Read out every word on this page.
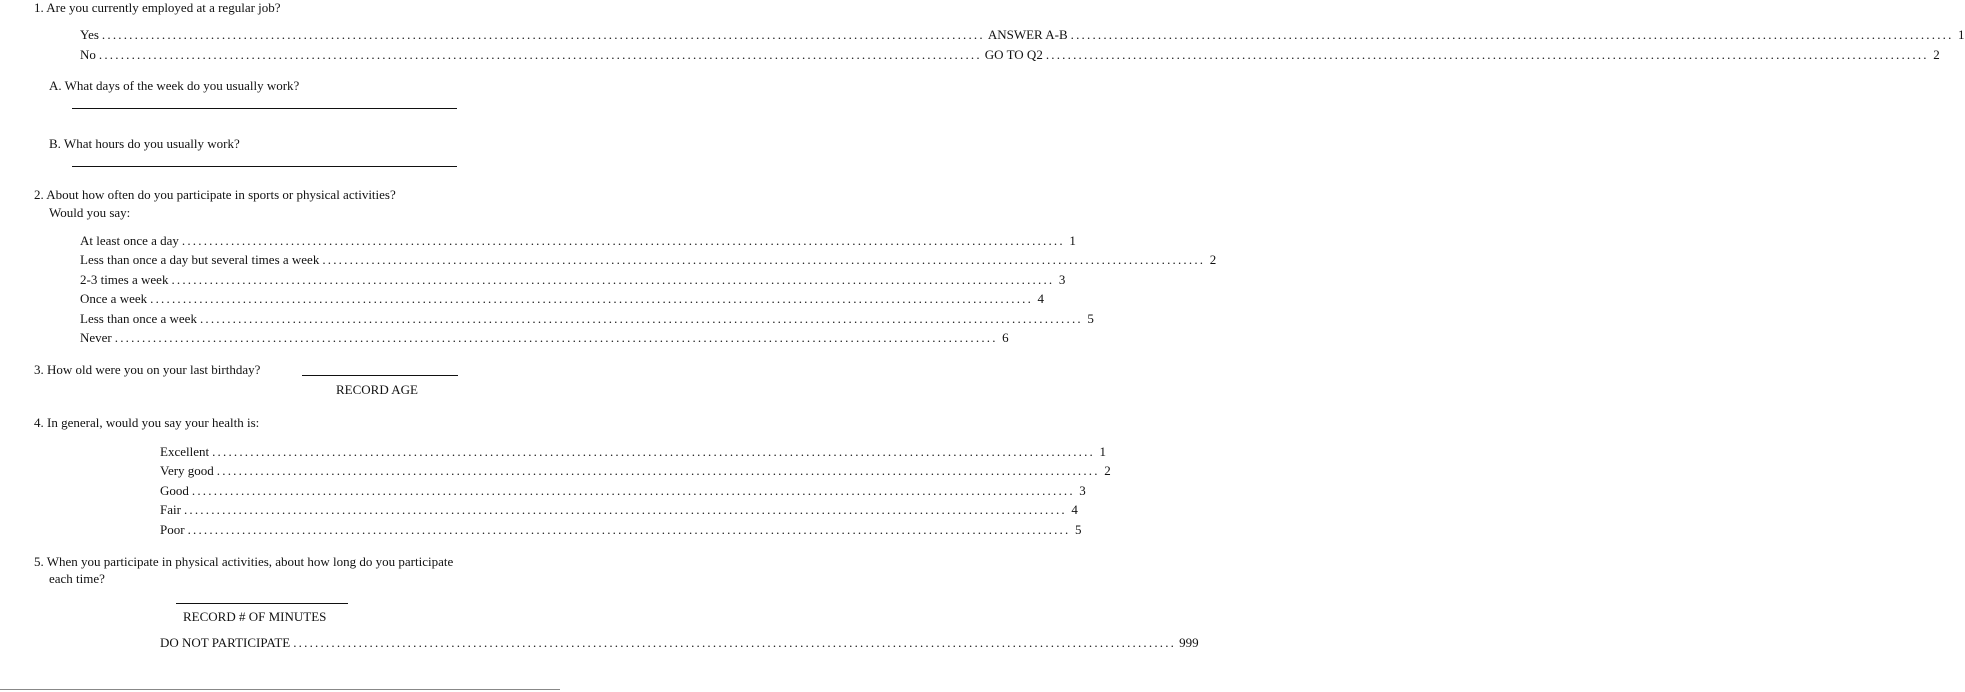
1. Are you currently employed at a regular job?
Yes .................................................................................................................................................................. ANSWER A-B .................................................................................................................................................................. 1
No .................................................................................................................................................................. GO TO Q2 .................................................................................................................................................................. 2
A. What days of the week do you usually work?
B. What hours do you usually work?
2. About how often do you participate in sports or physical activities?
Would you say:
At least once a day .................................................................................................................................................................. 1
Less than once a day but several times a week .................................................................................................................................................................. 2
2-3 times a week .................................................................................................................................................................. 3
Once a week .................................................................................................................................................................. 4
Less than once a week .................................................................................................................................................................. 5
Never .................................................................................................................................................................. 6
3. How old were you on your last birthday?
RECORD AGE
4. In general, would you say your health is:
Excellent .................................................................................................................................................................. 1
Very good .................................................................................................................................................................. 2
Good .................................................................................................................................................................. 3
Fair .................................................................................................................................................................. 4
Poor .................................................................................................................................................................. 5
5. When you participate in physical activities, about how long do you participate
each time?
RECORD # OF MINUTES
DO NOT PARTICIPATE .................................................................................................................................................................. 999
